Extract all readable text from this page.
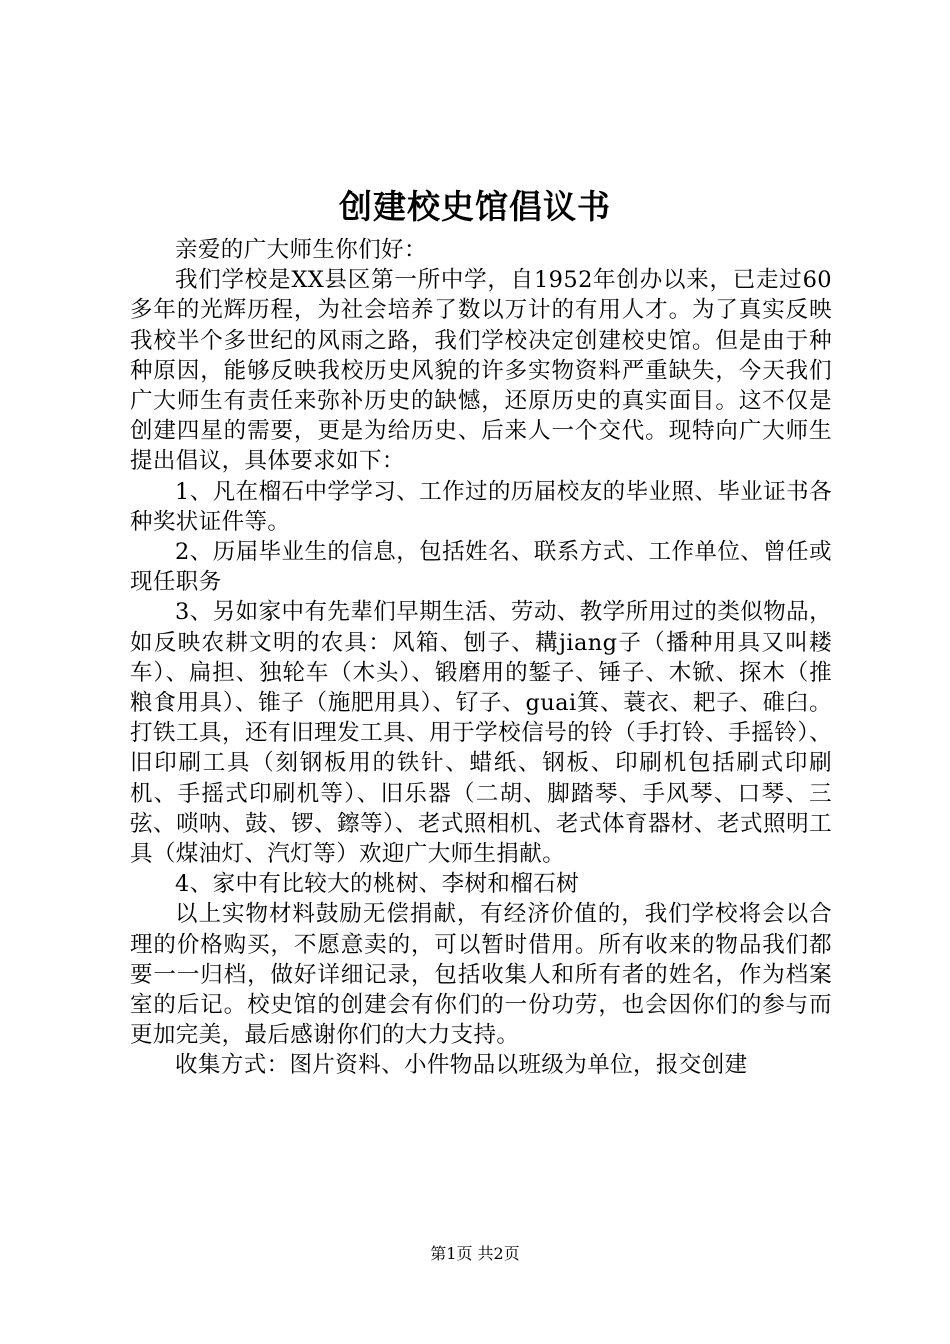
创建校史馆倡议书

亲爱的广大师生你们好：

我们学校是XX县区第一所中学，自1952年创办以来，已走过60多年的光辉历程，为社会培养了数以万计的有用人才。为了真实反映我校半个多世纪的风雨之路，我们学校决定创建校史馆。但是由于种种原因，能够反映我校历史风貌的许多实物资料严重缺失，今天我们广大师生有责任来弥补历史的缺憾，还原历史的真实面目。这不仅是创建四星的需要，更是为给历史、后来人一个交代。现特向广大师生提出倡议，具体要求如下：

1、凡在榴石中学学习、工作过的历届校友的毕业照、毕业证书各种奖状证件等。

2、历届毕业生的信息，包括姓名、联系方式、工作单位、曾任或现任职务

3、另如家中有先辈们早期生活、劳动、教学所用过的类似物品，如反映农耕文明的农具：风箱、刨子、耩jiang子（播种用具又叫耧车）、扁担、独轮车（木头）、锻磨用的錾子、锤子、木锨、探木（推粮食用具）、锥子（施肥用具）、钌子、guai箕、蓑衣、耙子、碓臼。打铁工具，还有旧理发工具、用于学校信号的铃（手打铃、手摇铃）、旧印刷工具（刻钢板用的铁针、蜡纸、钢板、印刷机包括刷式印刷机、手摇式印刷机等）、旧乐器（二胡、脚踏琴、手风琴、口琴、三弦、唢呐、鼓、锣、鑔等）、老式照相机、老式体育器材、老式照明工具（煤油灯、汽灯等）欢迎广大师生捐献。

4、家中有比较大的桃树、李树和榴石树

以上实物材料鼓励无偿捐献，有经济价值的，我们学校将会以合理的价格购买，不愿意卖的，可以暂时借用。所有收来的物品我们都要一一归档，做好详细记录，包括收集人和所有者的姓名，作为档案室的后记。校史馆的创建会有你们的一份功劳，也会因你们的参与而更加完美，最后感谢你们的大力支持。

收集方式：图片资料、小件物品以班级为单位，报交创建

第1页 共2页
